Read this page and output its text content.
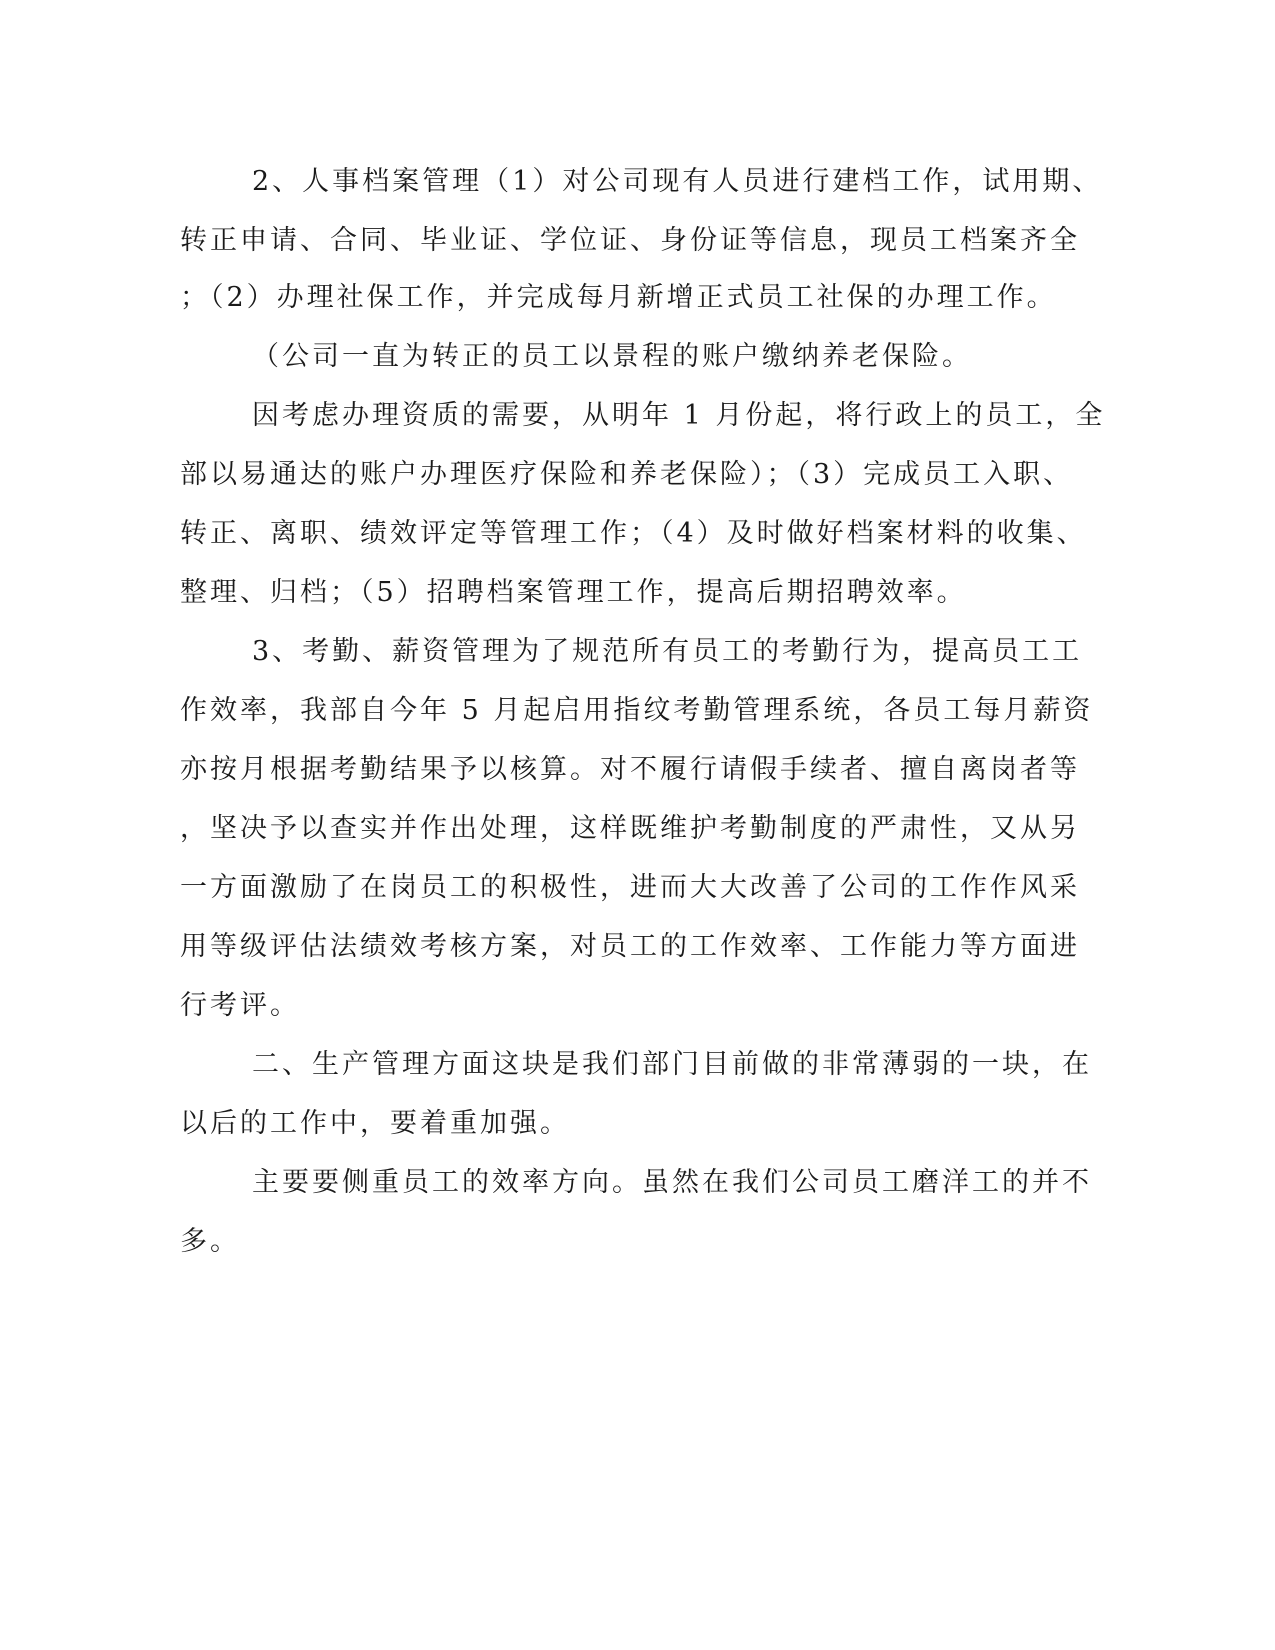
2、人事档案管理（1）对公司现有人员进行建档工作，试用期、
转正申请、合同、毕业证、学位证、身份证等信息，现员工档案齐全
；（2）办理社保工作，并完成每月新增正式员工社保的办理工作。
（公司一直为转正的员工以景程的账户缴纳养老保险。
因考虑办理资质的需要，从明年 1 月份起，将行政上的员工，全
部以易通达的账户办理医疗保险和养老保险）；（3）完成员工入职、
转正、离职、绩效评定等管理工作；（4）及时做好档案材料的收集、
整理、归档；（5）招聘档案管理工作，提高后期招聘效率。
3、考勤、薪资管理为了规范所有员工的考勤行为，提高员工工
作效率，我部自今年 5 月起启用指纹考勤管理系统，各员工每月薪资
亦按月根据考勤结果予以核算。对不履行请假手续者、擅自离岗者等
，坚决予以查实并作出处理，这样既维护考勤制度的严肃性，又从另
一方面激励了在岗员工的积极性，进而大大改善了公司的工作作风采
用等级评估法绩效考核方案，对员工的工作效率、工作能力等方面进
行考评。
二、生产管理方面这块是我们部门目前做的非常薄弱的一块，在
以后的工作中，要着重加强。
主要要侧重员工的效率方向。虽然在我们公司员工磨洋工的并不
多。
